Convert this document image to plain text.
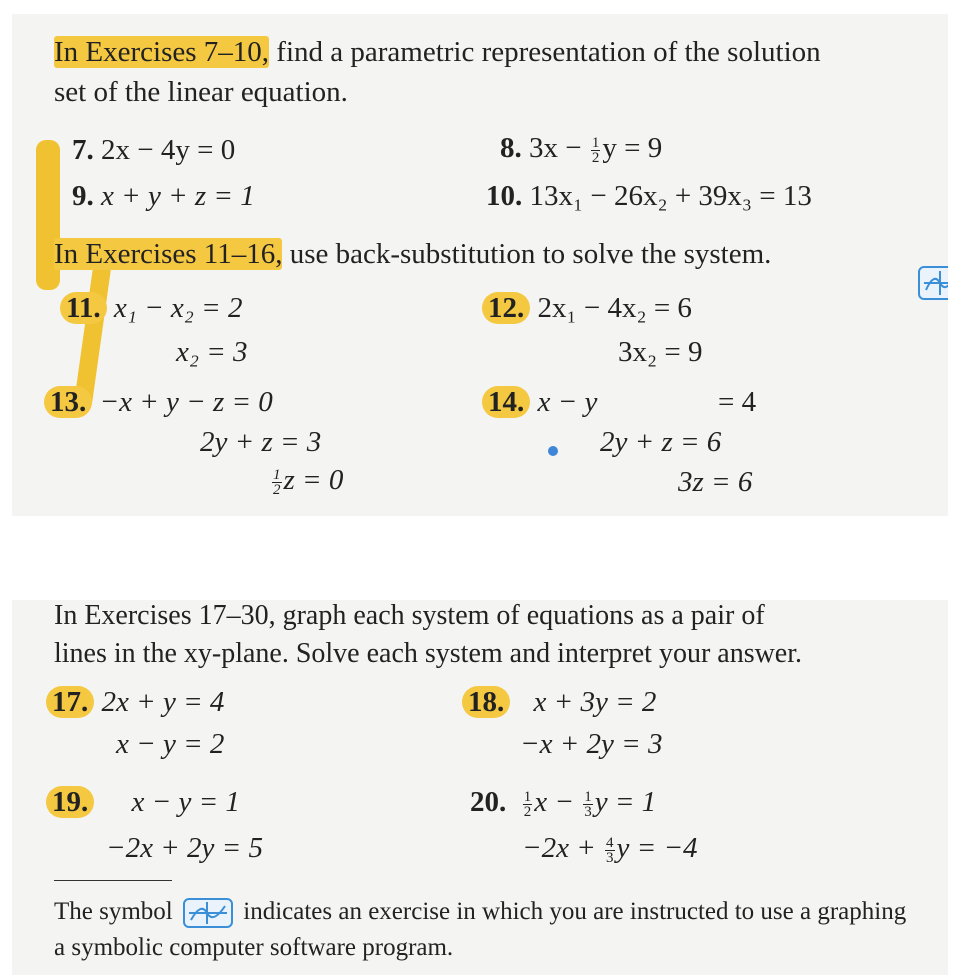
In Exercises 7–10, find a parametric representation of the solution
set of the linear equation.
7. 2x − 4y = 0	8. $3x - \frac{1}{2}$ y = 9
9. x + y + z = 1	10. 13x₁ − 26x₂ + 39x₃ = 13
In Exercises 11–16, use back-substitution to solve the system.
11. x₁ − x₂ = 2
x₂ = 3
12. 2x₁ − 4x₂ = 6
3x₂ = 9
13. −x + y − z = 0
2y + z = 3
$\frac{1}{2}$ z = 0
14. x − y	= 4
2y + z = 6
3z = 6
In Exercises 17–30, graph each system of equations as a pair of
lines in the xy-plane. Solve each system and interpret your answer.
17. 2x + y = 4
x − y = 2
18. x + 3y = 2
−x + 2y = 3
19. x − y = 1
−2x + 2y = 5
20. $\frac{1}{2}$ $x - \frac{1}{3}$ y = 1
$-2x + \frac{4}{3}$ y = −4
The symbol	indicates an exercise in which you are instructed to use a graphing
a symbolic computer software program.
